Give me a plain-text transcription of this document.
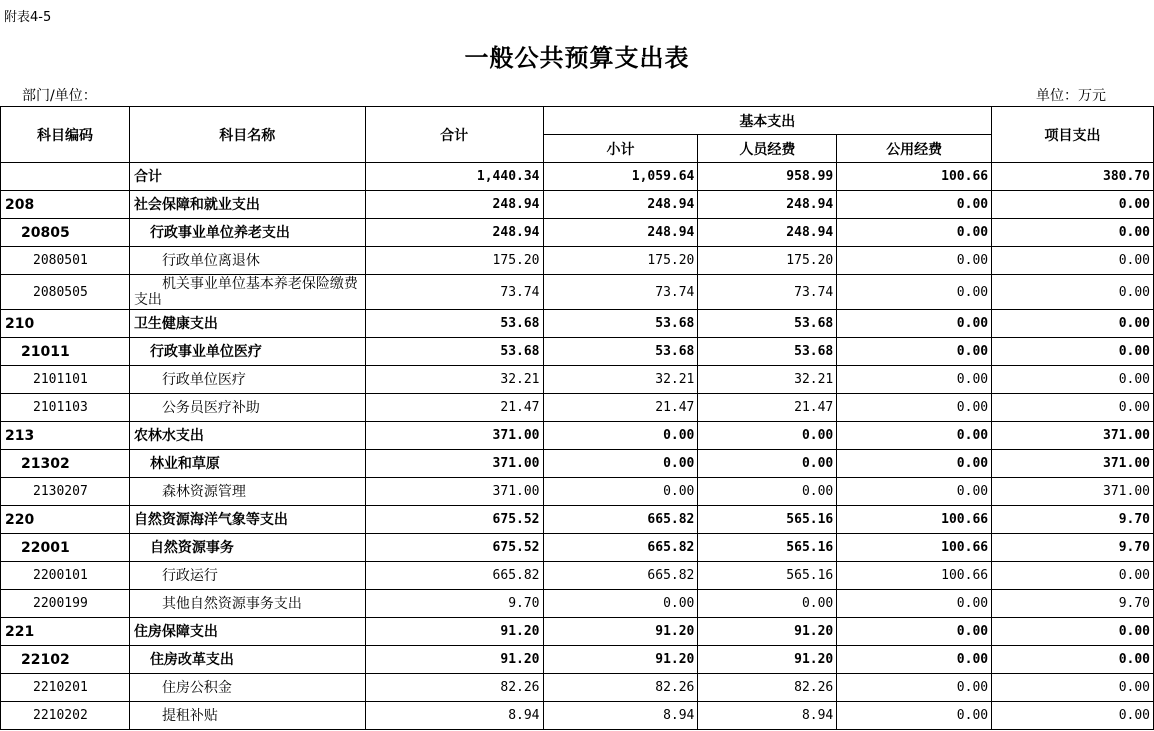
附表4-5
一般公共预算支出表
部门/单位：	单位：万元
科目编码	科目名称	合计	基本支出			项目支出
			小计	人员经费	公用经费	
	合计	1,440.34	1,059.64	958.99	100.66	380.70
208	社会保障和就业支出	248.94	248.94	248.94	0.00	0.00
20805	行政事业单位养老支出	248.94	248.94	248.94	0.00	0.00
2080501	行政单位离退休	175.20	175.20	175.20	0.00	0.00
2080505	机关事业单位基本养老保险缴费支出	73.74	73.74	73.74	0.00	0.00
210	卫生健康支出	53.68	53.68	53.68	0.00	0.00
21011	行政事业单位医疗	53.68	53.68	53.68	0.00	0.00
2101101	行政单位医疗	32.21	32.21	32.21	0.00	0.00
2101103	公务员医疗补助	21.47	21.47	21.47	0.00	0.00
213	农林水支出	371.00	0.00	0.00	0.00	371.00
21302	林业和草原	371.00	0.00	0.00	0.00	371.00
2130207	森林资源管理	371.00	0.00	0.00	0.00	371.00
220	自然资源海洋气象等支出	675.52	665.82	565.16	100.66	9.70
22001	自然资源事务	675.52	665.82	565.16	100.66	9.70
2200101	行政运行	665.82	665.82	565.16	100.66	0.00
2200199	其他自然资源事务支出	9.70	0.00	0.00	0.00	9.70
221	住房保障支出	91.20	91.20	91.20	0.00	0.00
22102	住房改革支出	91.20	91.20	91.20	0.00	0.00
2210201	住房公积金	82.26	82.26	82.26	0.00	0.00
2210202	提租补贴	8.94	8.94	8.94	0.00	0.00
